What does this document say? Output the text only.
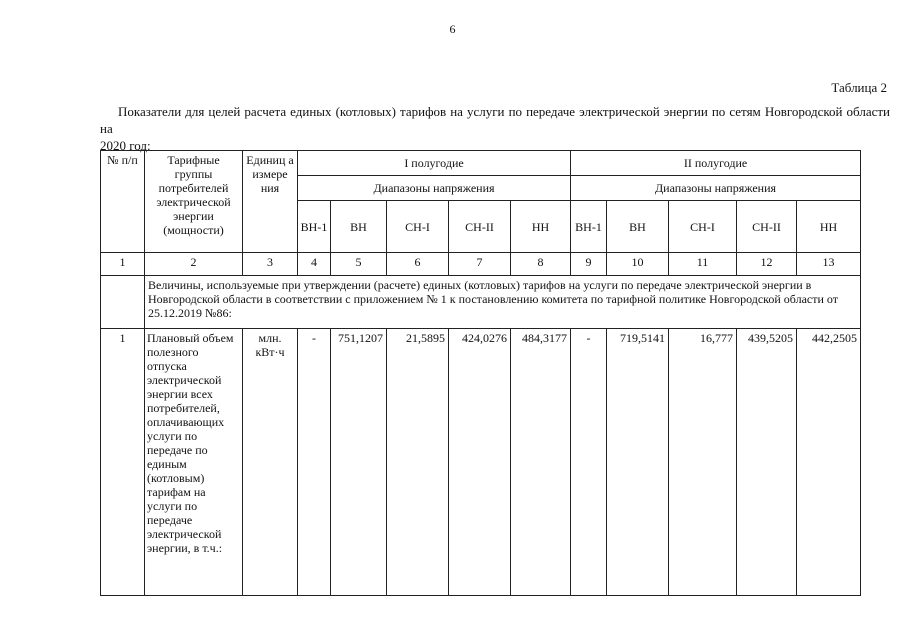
6
Таблица 2
Показатели для целей расчета единых (котловых) тарифов на услуги по передаче электрической энергии по сетям Новгородской области на
2020 год:
№ п/п	Тарифные группы потребителей электрической энергии (мощности)	Единиц а измере ния	I полугодие					II полугодие				
			Диапазоны напряжения					Диапазоны напряжения				
			ВН-1	ВН	СН-I	СН-II	НН	ВН-1	ВН	СН-I	СН-II	НН
1	2	3	4	5	6	7	8	9	10	11	12	13
	Величины, используемые при утверждении (расчете) единых (котловых) тарифов на услуги по передаче электрической энергии в Новгородской области в соответствии с приложением № 1 к постановлению комитета по тарифной политике Новгородской области от 25.12.2019 №86:											
1	Плановый объем полезного отпуска электрической энергии всех потребителей, оплачивающих услуги по передаче по единым (котловым) тарифам на услуги по передаче электрической энергии, в т.ч.:	млн. кВт·ч	-	751,1207	21,5895	424,0276	484,3177	-	719,5141	16,777	439,5205	442,2505
